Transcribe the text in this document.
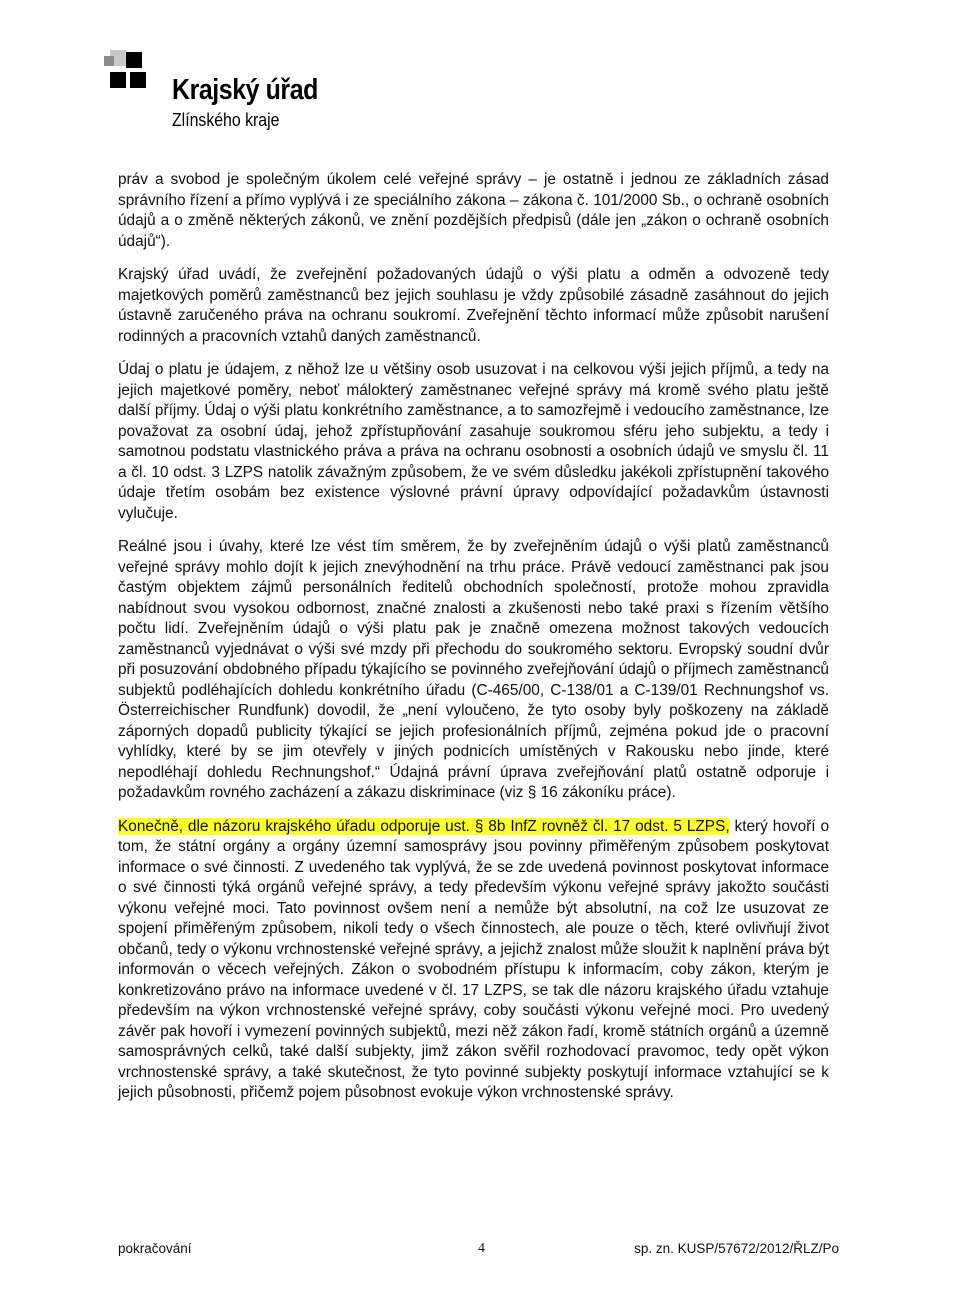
Krajský úřad
Zlínského kraje

práv a svobod je společným úkolem celé veřejné správy – je ostatně i jednou ze základních zásad správního řízení a přímo vyplývá i ze speciálního zákona – zákona č. 101/2000 Sb., o ochraně osobních údajů a o změně některých zákonů, ve znění pozdějších předpisů (dále jen „zákon o ochraně osobních údajů“).

Krajský úřad uvádí, že zveřejnění požadovaných údajů o výši platu a odměn a odvozeně tedy majetkových poměrů zaměstnanců bez jejich souhlasu je vždy způsobilé zásadně zasáhnout do jejich ústavně zaručeného práva na ochranu soukromí. Zveřejnění těchto informací může způsobit narušení rodinných a pracovních vztahů daných zaměstnanců.

Údaj o platu je údajem, z něhož lze u většiny osob usuzovat i na celkovou výši jejich příjmů, a tedy na jejich majetkové poměry, neboť málokterý zaměstnanec veřejné správy má kromě svého platu ještě další příjmy. Údaj o výši platu konkrétního zaměstnance, a to samozřejmě i vedoucího zaměstnance, lze považovat za osobní údaj, jehož zpřístupňování zasahuje soukromou sféru jeho subjektu, a tedy i samotnou podstatu vlastnického práva a práva na ochranu osobnosti a osobních údajů ve smyslu čl. 11 a čl. 10 odst. 3 LZPS natolik závažným způsobem, že ve svém důsledku jakékoli zpřístupnění takového údaje třetím osobám bez existence výslovné právní úpravy odpovídající požadavkům ústavnosti vylučuje.

Reálné jsou i úvahy, které lze vést tím směrem, že by zveřejněním údajů o výši platů zaměstnanců veřejné správy mohlo dojít k jejich znevýhodnění na trhu práce. Právě vedoucí zaměstnanci pak jsou častým objektem zájmů personálních ředitelů obchodních společností, protože mohou zpravidla nabídnout svou vysokou odbornost, značné znalosti a zkušenosti nebo také praxi s řízením většího počtu lidí. Zveřejněním údajů o výši platu pak je značně omezena možnost takových vedoucích zaměstnanců vyjednávat o výši své mzdy při přechodu do soukromého sektoru. Evropský soudní dvůr při posuzování obdobného případu týkajícího se povinného zveřejňování údajů o příjmech zaměstnanců subjektů podléhajících dohledu konkrétního úřadu (C-465/00, C-138/01 a C-139/01 Rechnungshof vs. Österreichischer Rundfunk) dovodil, že „není vyloučeno, že tyto osoby byly poškozeny na základě záporných dopadů publicity týkající se jejich profesionálních příjmů, zejména pokud jde o pracovní vyhlídky, které by se jim otevřely v jiných podnicích umístěných v Rakousku nebo jinde, které nepodléhají dohledu Rechnungshof.“ Údajná právní úprava zveřejňování platů ostatně odporuje i požadavkům rovného zacházení a zákazu diskriminace (viz § 16 zákoníku práce).

Konečně, dle názoru krajského úřadu odporuje ust. § 8b InfZ rovněž čl. 17 odst. 5 LZPS, který hovoří o tom, že státní orgány a orgány územní samosprávy jsou povinny přiměřeným způsobem poskytovat informace o své činnosti. Z uvedeného tak vyplývá, že se zde uvedená povinnost poskytovat informace o své činnosti týká orgánů veřejné správy, a tedy především výkonu veřejné správy jakožto součásti výkonu veřejné moci. Tato povinnost ovšem není a nemůže být absolutní, na což lze usuzovat ze spojení přiměřeným způsobem, nikoli tedy o všech činnostech, ale pouze o těch, které ovlivňují život občanů, tedy o výkonu vrchnostenské veřejné správy, a jejichž znalost může sloužit k naplnění práva být informován o věcech veřejných. Zákon o svobodném přístupu k informacím, coby zákon, kterým je konkretizováno právo na informace uvedené v čl. 17 LZPS, se tak dle názoru krajského úřadu vztahuje především na výkon vrchnostenské veřejné správy, coby součásti výkonu veřejné moci. Pro uvedený závěr pak hovoří i vymezení povinných subjektů, mezi něž zákon řadí, kromě státních orgánů a územně samosprávných celků, také další subjekty, jimž zákon svěřil rozhodovací pravomoc, tedy opět výkon vrchnostenské správy, a také skutečnost, že tyto povinné subjekty poskytují informace vztahující se k jejich působnosti, přičemž pojem působnost evokuje výkon vrchnostenské správy.

pokračování	4	sp. zn. KUSP/57672/2012/ŘLZ/Po
